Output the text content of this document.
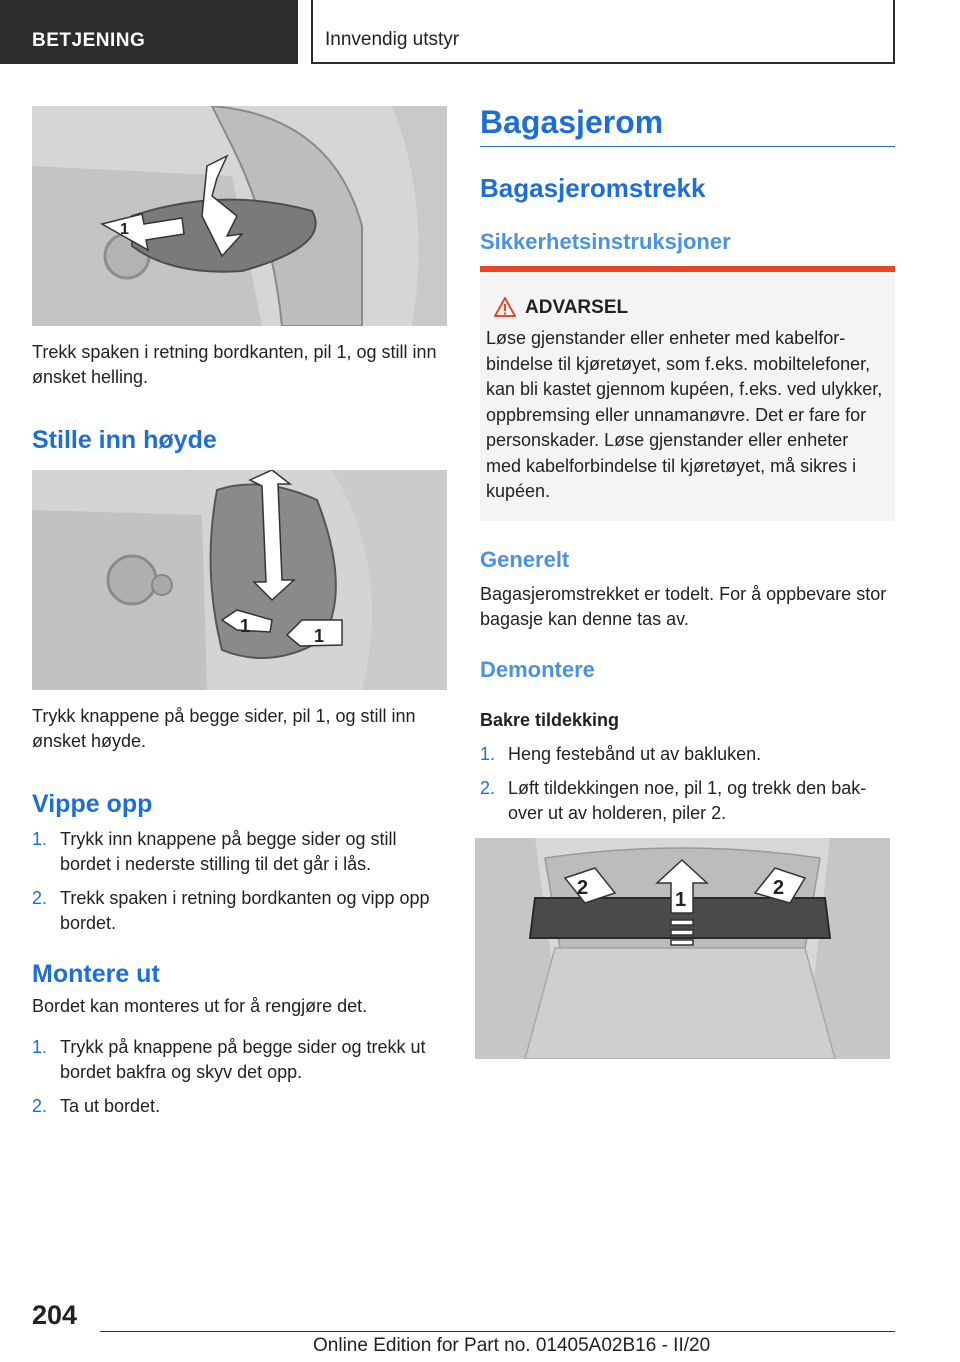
BETJENING	Innvendig utstyr
1

Trekk spaken i retning bordkanten, pil 1, og still inn ønsket helling.

Stille inn høyde
1	1

Trykk knappene på begge sider, pil 1, og still inn ønsket høyde.

Vippe opp
1. Trykk inn knappene på begge sider og still bordet i nederste stilling til det går i lås.
2. Trekk spaken i retning bordkanten og vipp opp bordet.
Montere ut

Bordet kan monteres ut for å rengjøre det.

1. Trykk på knappene på begge sider og trekk ut bordet bakfra og skyv det opp.
2. Ta ut bordet.
Bagasjerom
Bagasjeromstrekk
Sikkerhetsinstruksjoner
ADVARSEL

Løse gjenstander eller enheter med kabelforbindelse til kjøretøyet, som f.eks. mobiltelefoner, kan bli kastet gjennom kupéen, f.eks. ved ulykker, oppbremsing eller unnamanøvre. Det er fare for personskader. Løse gjenstander eller enheter med kabelforbindelse til kjøretøyet, må sikres i kupéen.

Generelt

Bagasjeromstrekket er todelt. For å oppbevare stor bagasje kan denne tas av.

Demontere

Bakre tildekking

1. Heng festebånd ut av bakluken.
2. Løft tildekkingen noe, pil 1, og trekk den bakover ut av holderen, piler 2.
1
2	2
204
Online Edition for Part no. 01405A02B16 - II/20
